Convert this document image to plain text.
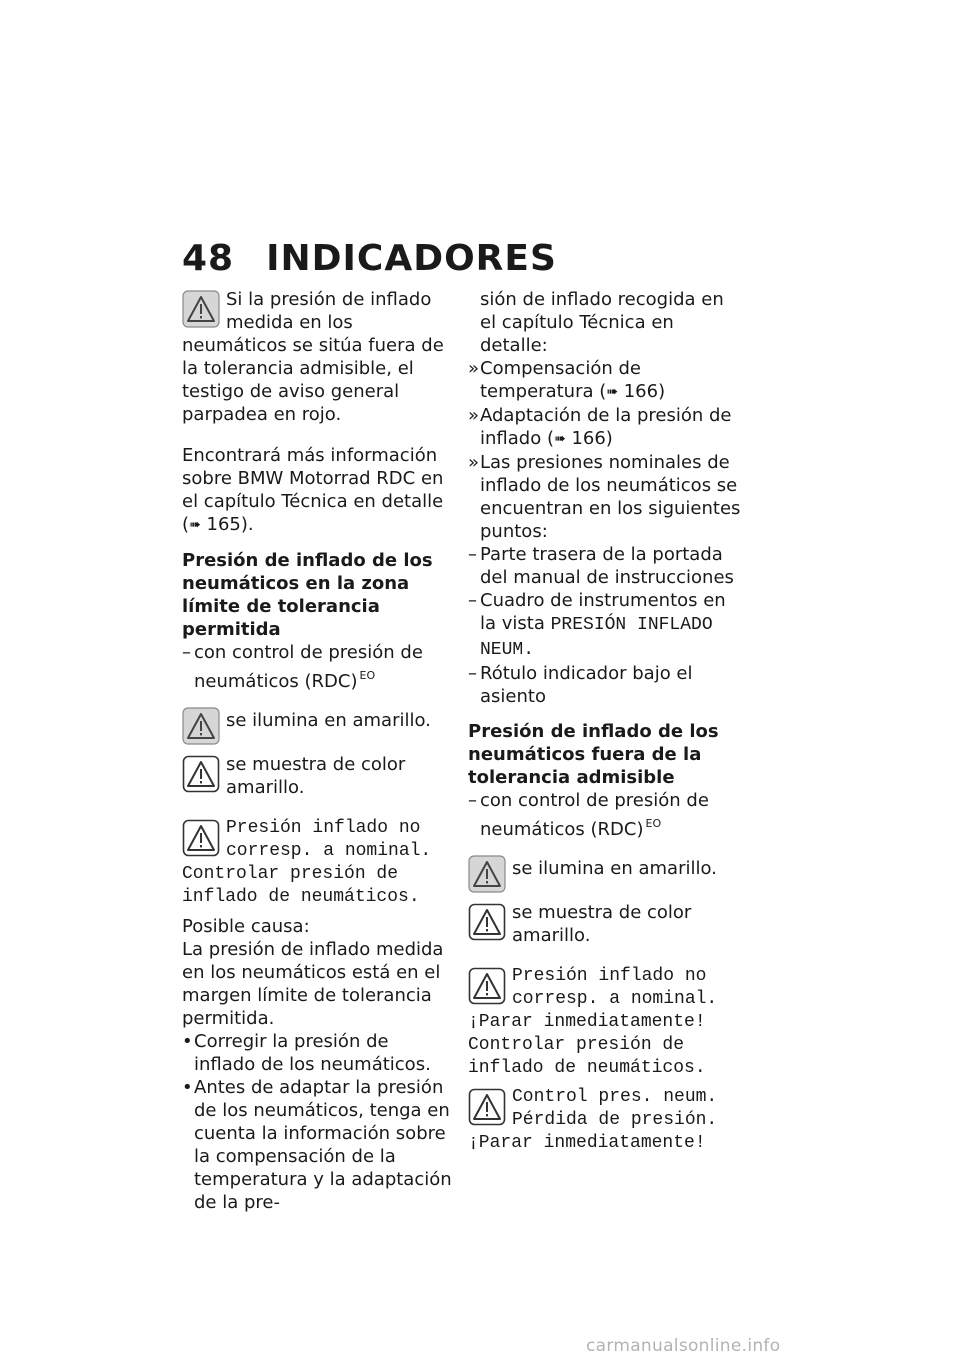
48 INDICADORES

Si la presión de inflado medida en los neumáticos se sitúa fuera de la tolerancia admisible, el testigo de aviso general parpadea en rojo.

Encontrará más información sobre BMW Motorrad RDC en el capítulo Técnica en detalle (➠ 165).

Presión de inflado de los neumáticos en la zona límite de tolerancia permitida

– con control de presión de neumáticos (RDC) $^{EO}$

se ilumina en amarillo.

se muestra de color amarillo.

Presión inflado no corresp. a nominal. Controlar presión de inflado de neumáticos.

Posible causa:

La presión de inflado medida en los neumáticos está en el margen límite de tolerancia permitida.

• Corregir la presión de inflado de los neumáticos.
• Antes de adaptar la presión de los neumáticos, tenga en cuenta la información sobre la compensación de la temperatura y la adaptación de la pre-

sión de inflado recogida en el capítulo Técnica en detalle:

» Compensación de temperatura (➠ 166)
» Adaptación de la presión de inflado (➠ 166)
» Las presiones nominales de inflado de los neumáticos se encuentran en los siguientes puntos:
– Parte trasera de la portada del manual de instrucciones
– Cuadro de instrumentos en la vista PRESIÓN INFLADO NEUM.
– Rótulo indicador bajo el asiento

Presión de inflado de los neumáticos fuera de la tolerancia admisible

– con control de presión de neumáticos (RDC) $^{EO}$

se ilumina en amarillo.

se muestra de color amarillo.

Presión inflado no corresp. a nominal. ¡Parar inmediatamente! Controlar presión de inflado de neumáticos.

Control pres. neum. Pérdida de presión. ¡Parar inmediatamente!

carmanualsonline.info
